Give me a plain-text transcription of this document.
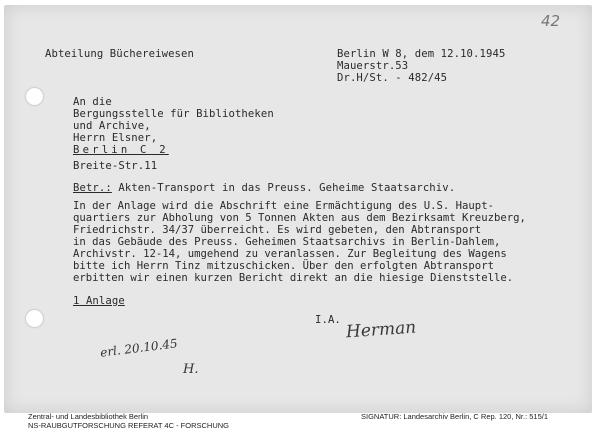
42
Abteilung Büchereiwesen	Berlin W 8, dem 12.10.1945
Mauerstr.53
Dr.H/St. - 482/45
An die
Bergungsstelle für Bibliotheken
und Archive,
Herrn Elsner,
Berlin C 2
Breite-Str.11
Betr.: Akten-Transport in das Preuss. Geheime Staatsarchiv.
In der Anlage wird die Abschrift eine Ermächtigung des U.S. Haupt-
quartiers zur Abholung von 5 Tonnen Akten aus dem Bezirksamt Kreuzberg,
Friedrichstr. 34/37 überreicht. Es wird gebeten, den Abtransport
in das Gebäude des Preuss. Geheimen Staatsarchivs in Berlin-Dahlem,
Archivstr. 12-14, umgehend zu veranlassen. Zur Begleitung des Wagens
bitte ich Herrn Tinz mitzuschicken. Über den erfolgten Abtransport
erbitten wir einen kurzen Bericht direkt an die hiesige Dienststelle.
1 Anlage
I.A. Herman
erl. 20.10.45
H.
Zentral- und Landesbibliothek Berlin
NS-RAUBGUTFORSCHUNG REFERAT 4C - FORSCHUNG
SIGNATUR: Landesarchiv Berlin, C Rep. 120, Nr.: 515/1
